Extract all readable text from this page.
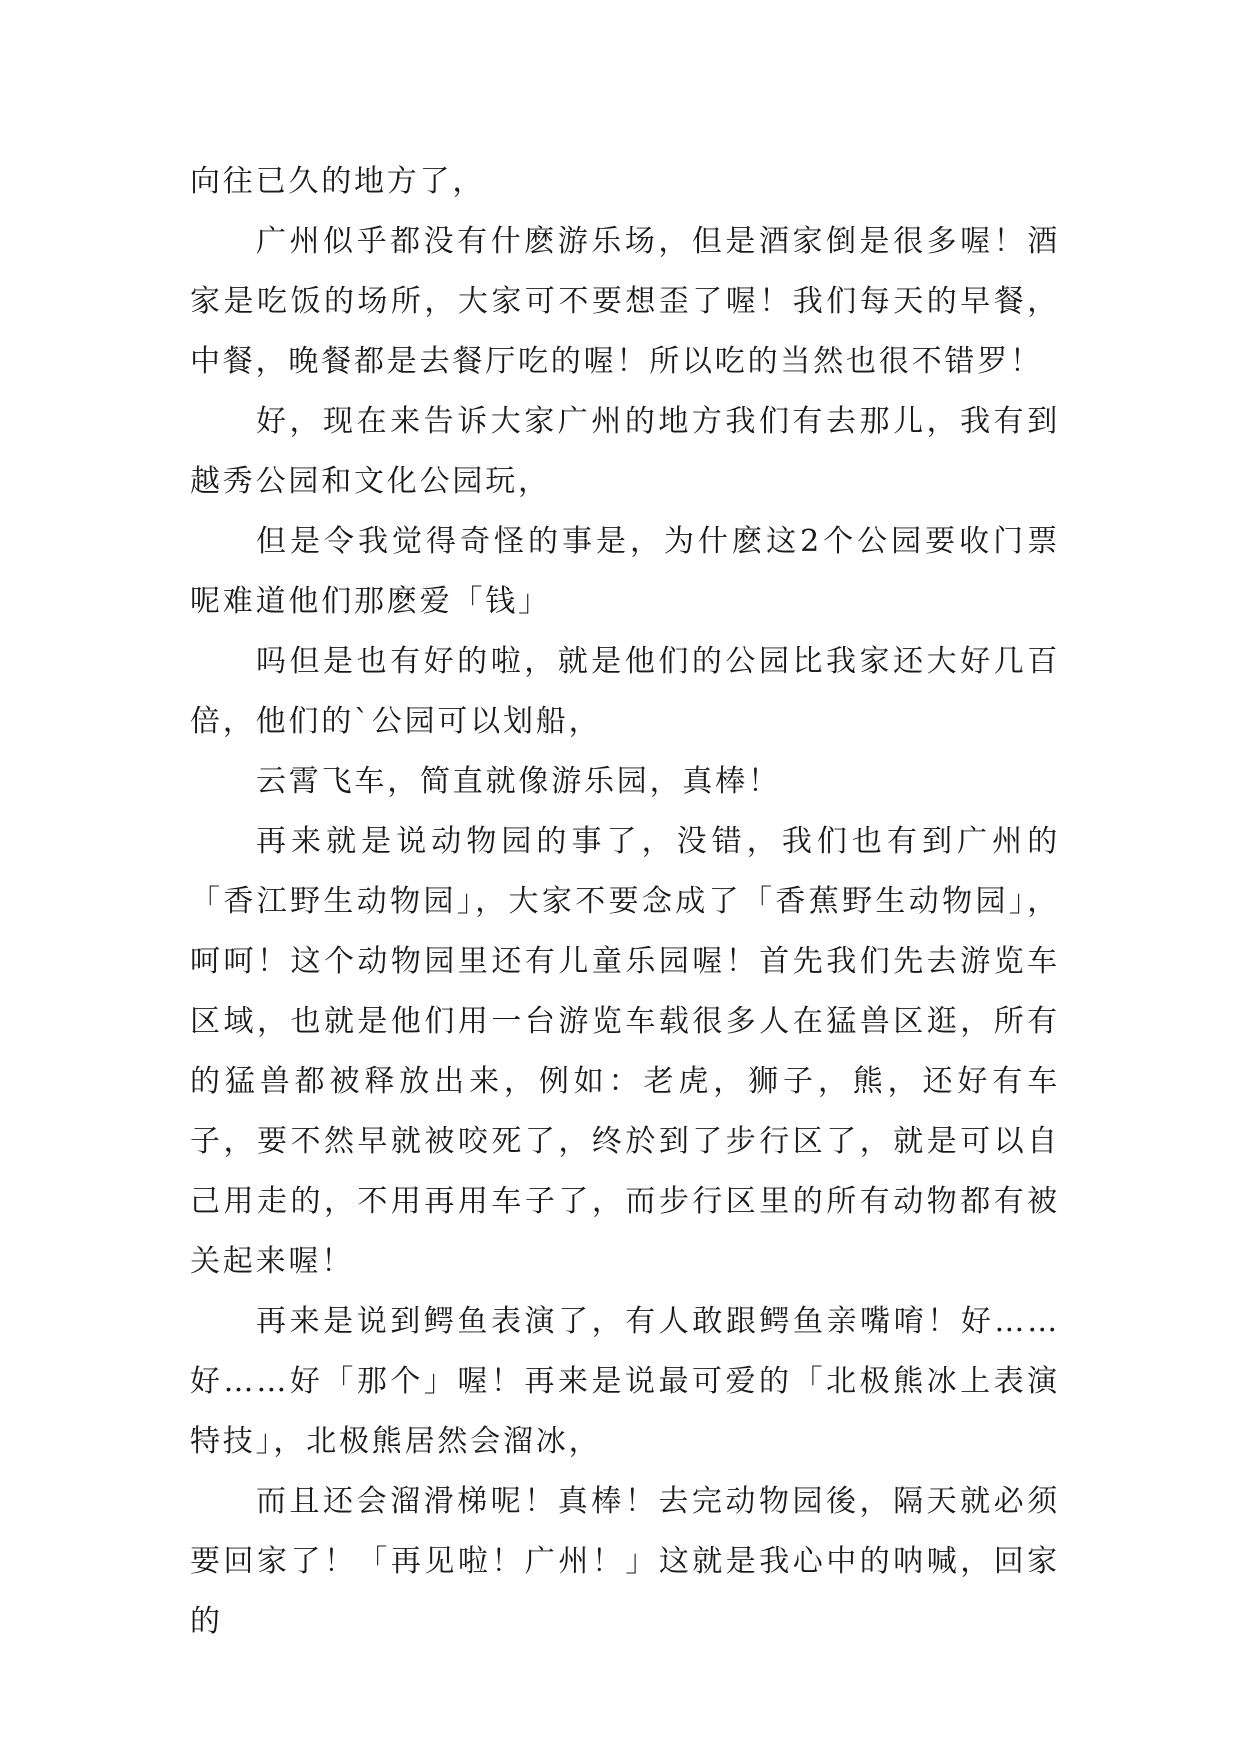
向往已久的地方了，

广州似乎都没有什麽游乐场，但是酒家倒是很多喔！酒家是吃饭的场所，大家可不要想歪了喔！我们每天的早餐，中餐，晚餐都是去餐厅吃的喔！所以吃的当然也很不错罗！

好，现在来告诉大家广州的地方我们有去那儿，我有到越秀公园和文化公园玩，

但是令我觉得奇怪的事是，为什麽这2个公园要收门票呢难道他们那麽爱「钱」

吗但是也有好的啦，就是他们的公园比我家还大好几百倍，他们的`公园可以划船，

云霄飞车，简直就像游乐园，真棒！

再来就是说动物园的事了，没错，我们也有到广州的「香江野生动物园」，大家不要念成了「香蕉野生动物园」，呵呵！这个动物园里还有儿童乐园喔！首先我们先去游览车区域，也就是他们用一台游览车载很多人在猛兽区逛，所有的猛兽都被释放出来，例如：老虎，狮子，熊，还好有车子，要不然早就被咬死了，终於到了步行区了，就是可以自己用走的，不用再用车子了，而步行区里的所有动物都有被关起来喔！

再来是说到鳄鱼表演了，有人敢跟鳄鱼亲嘴唷！好……好……好「那个」喔！再来是说最可爱的「北极熊冰上表演特技」，北极熊居然会溜冰，

而且还会溜滑梯呢！真棒！去完动物园後，隔天就必须要回家了！「再见啦！广州！」这就是我心中的呐喊，回家的
